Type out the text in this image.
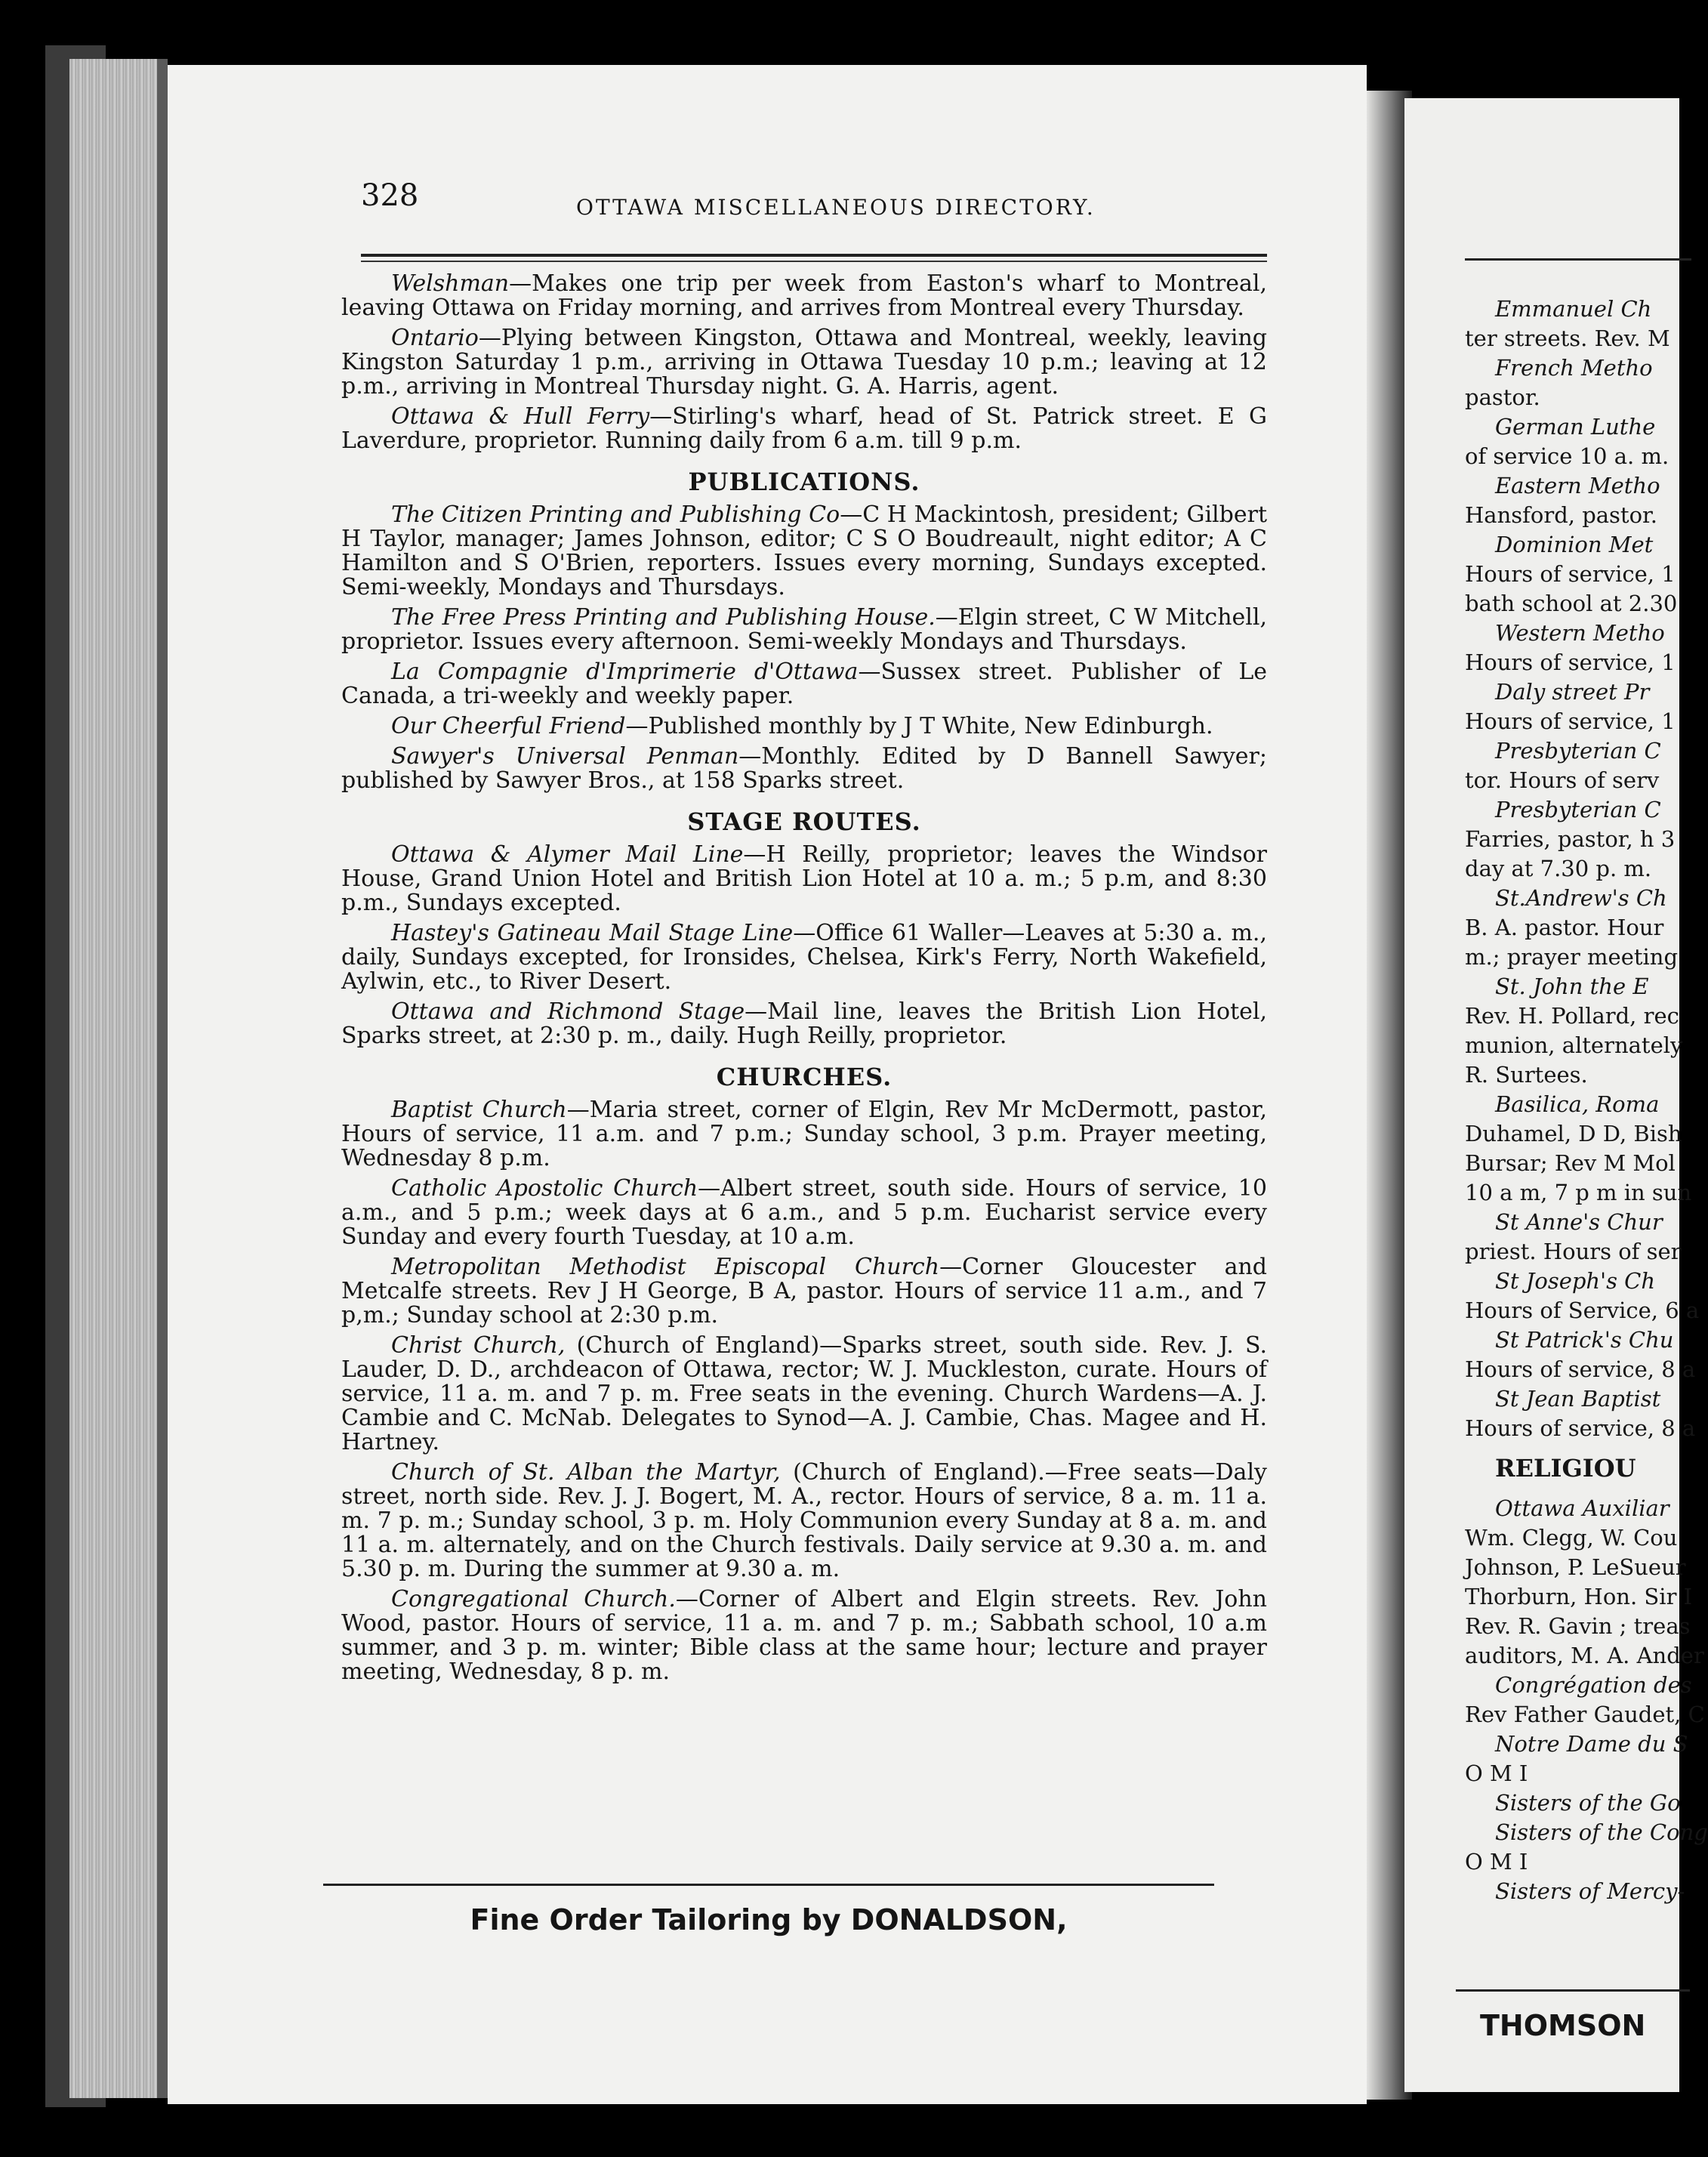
328	OTTAWA MISCELLANEOUS DIRECTORY.

Welshman—Makes one trip per week from Easton's wharf to Montreal, leaving Ottawa on Friday morning, and arrives from Montreal every Thursday.

Ontario—Plying between Kingston, Ottawa and Montreal, weekly, leaving Kingston Saturday 1 p.m., arriving in Ottawa Tuesday 10 p.m.; leaving at 12 p.m., arriving in Montreal Thursday night. G. A. Harris, agent.

Ottawa & Hull Ferry—Stirling's wharf, head of St. Patrick street. E G Laverdure, proprietor. Running daily from 6 a.m. till 9 p.m.

PUBLICATIONS.

The Citizen Printing and Publishing Co—C H Mackintosh, president; Gilbert H Taylor, manager; James Johnson, editor; C S O Boudreault, night editor; A C Hamilton and S O'Brien, reporters. Issues every morning, Sundays excepted. Semi-weekly, Mondays and Thursdays.

The Free Press Printing and Publishing House.—Elgin street, C W Mitchell, proprietor. Issues every afternoon. Semi-weekly Mondays and Thursdays.

La Compagnie d'Imprimerie d'Ottawa—Sussex street. Publisher of Le Canada, a tri-weekly and weekly paper.

Our Cheerful Friend—Published monthly by J T White, New Edinburgh.

Sawyer's Universal Penman—Monthly. Edited by D Bannell Sawyer; published by Sawyer Bros., at 158 Sparks street.

STAGE ROUTES.

Ottawa & Alymer Mail Line—H Reilly, proprietor; leaves the Windsor House, Grand Union Hotel and British Lion Hotel at 10 a. m.; 5 p.m, and 8:30 p.m., Sundays excepted.

Hastey's Gatineau Mail Stage Line—Office 61 Waller—Leaves at 5:30 a. m., daily, Sundays excepted, for Ironsides, Chelsea, Kirk's Ferry, North Wakefield, Aylwin, etc., to River Desert.

Ottawa and Richmond Stage—Mail line, leaves the British Lion Hotel, Sparks street, at 2:30 p. m., daily. Hugh Reilly, proprietor.

CHURCHES.

Baptist Church—Maria street, corner of Elgin, Rev Mr McDermott, pastor, Hours of service, 11 a.m. and 7 p.m.; Sunday school, 3 p.m. Prayer meeting, Wednesday 8 p.m.

Catholic Apostolic Church—Albert street, south side. Hours of service, 10 a.m., and 5 p.m.; week days at 6 a.m., and 5 p.m. Eucharist service every Sunday and every fourth Tuesday, at 10 a.m.

Metropolitan Methodist Episcopal Church—Corner Gloucester and Metcalfe streets. Rev J H George, B A, pastor. Hours of service 11 a.m., and 7 p,m.; Sunday school at 2:30 p.m.

Christ Church, (Church of England)—Sparks street, south side. Rev. J. S. Lauder, D. D., archdeacon of Ottawa, rector; W. J. Muckleston, curate. Hours of service, 11 a. m. and 7 p. m. Free seats in the evening. Church Wardens—A. J. Cambie and C. McNab. Delegates to Synod—A. J. Cambie, Chas. Magee and H. Hartney.

Church of St. Alban the Martyr, (Church of England).—Free seats—Daly street, north side. Rev. J. J. Bogert, M. A., rector. Hours of service, 8 a. m. 11 a. m. 7 p. m.; Sunday school, 3 p. m. Holy Communion every Sunday at 8 a. m. and 11 a. m. alternately, and on the Church festivals. Daily service at 9.30 a. m. and 5.30 p. m. During the summer at 9.30 a. m.

Congregational Church.—Corner of Albert and Elgin streets. Rev. John Wood, pastor. Hours of service, 11 a. m. and 7 p. m.; Sabbath school, 10 a.m summer, and 3 p. m. winter; Bible class at the same hour; lecture and prayer meeting, Wednesday, 8 p. m.

Fine Order Tailoring by DONALDSON,
Emmanuel Ch
ter streets. Rev. M
French Metho
pastor.
German Luthe
of service 10 a. m.
Eastern Metho
Hansford, pastor.
Dominion Met
Hours of service, 1
bath school at 2.30
Western Metho
Hours of service, 1
Daly street Pr
Hours of service, 1
Presbyterian C
tor. Hours of serv
Presbyterian C
Farries, pastor, h 3
day at 7.30 p. m.
St.Andrew's Ch
B. A. pastor. Hour
m.; prayer meeting
St. John the E
Rev. H. Pollard, rec
munion, alternately
R. Surtees.
Basilica, Roma
Duhamel, D D, Bish
Bursar; Rev M Mol
10 a m, 7 p m in sun
St Anne's Chur
priest. Hours of ser
St Joseph's Ch
Hours of Service, 6 a
St Patrick's Chu
Hours of service, 8 a
St Jean Baptist
Hours of service, 8 a
RELIGIOU
Ottawa Auxiliar
Wm. Clegg, W. Cou
Johnson, P. LeSueur
Thorburn, Hon. Sir I
Rev. R. Gavin ; treas
auditors, M. A. Ander
Congrégation des
Rev Father Gaudet, C
Notre Dame du S
O M I
Sisters of the Go
Sisters of the Cong
O M I
Sisters of Mercy-
THOMSON
